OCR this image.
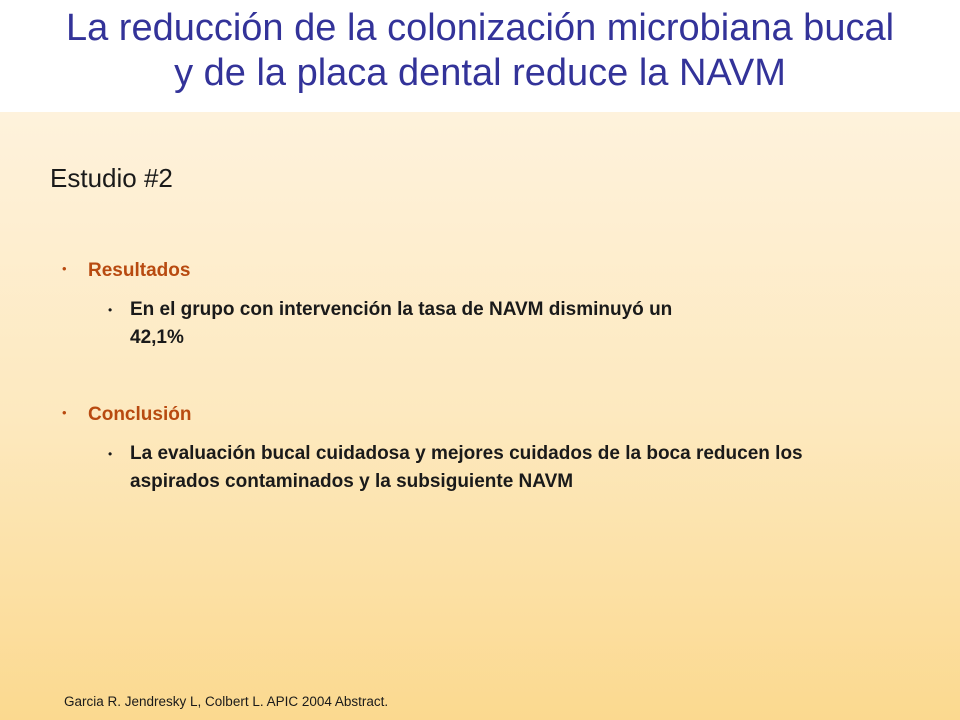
La reducción de la colonización microbiana bucal
y de la placa dental reduce la NAVM
Estudio #2
•	Resultados
• En el grupo con intervención la tasa de NAVM disminuyó un 42,1%
•	Conclusión
• La evaluación bucal cuidadosa y mejores cuidados de la boca reducen los aspirados contaminados y la subsiguiente NAVM

Garcia R. Jendresky L, Colbert L. APIC 2004 Abstract.
